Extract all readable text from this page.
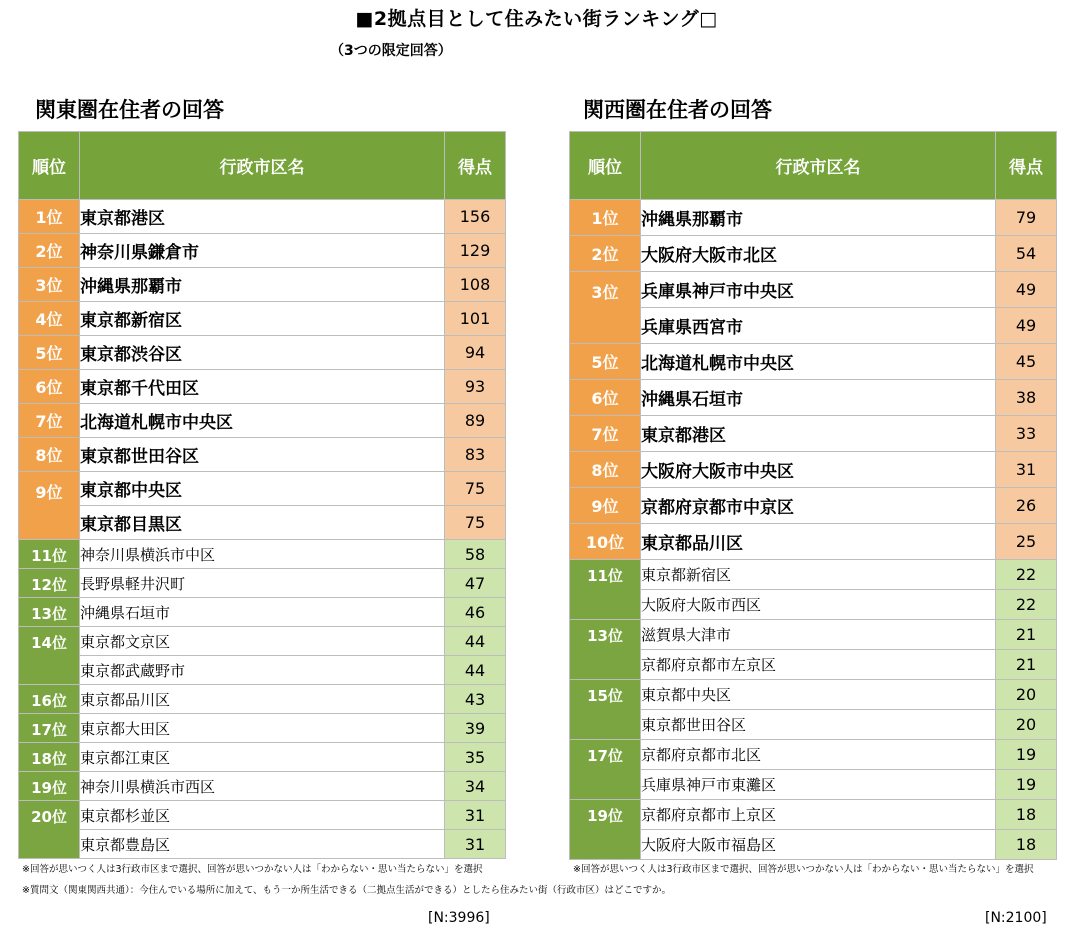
■2拠点目として住みたい街ランキング□
（3つの限定回答）
関東圏在住者の回答	関西圏在住者の回答
順位	行政市区名	得点
1位	東京都港区	156
2位	神奈川県鎌倉市	129
3位	沖縄県那覇市	108
4位	東京都新宿区	101
5位	東京都渋谷区	94
6位	東京都千代田区	93
7位	北海道札幌市中央区	89
8位	東京都世田谷区	83
9位	東京都中央区	75
	東京都目黒区	75
11位	神奈川県横浜市中区	58
12位	長野県軽井沢町	47
13位	沖縄県石垣市	46
14位	東京都文京区	44
	東京都武蔵野市	44
16位	東京都品川区	43
17位	東京都大田区	39
18位	東京都江東区	35
19位	神奈川県横浜市西区	34
20位	東京都杉並区	31
	東京都豊島区	31
順位	行政市区名	得点
1位	沖縄県那覇市	79
2位	大阪府大阪市北区	54
3位	兵庫県神戸市中央区	49
	兵庫県西宮市	49
5位	北海道札幌市中央区	45
6位	沖縄県石垣市	38
7位	東京都港区	33
8位	大阪府大阪市中央区	31
9位	京都府京都市中京区	26
10位	東京都品川区	25
11位	東京都新宿区	22
	大阪府大阪市西区	22
13位	滋賀県大津市	21
	京都府京都市左京区	21
15位	東京都中央区	20
	東京都世田谷区	20
17位	京都府京都市北区	19
	兵庫県神戸市東灘区	19
19位	京都府京都市上京区	18
	大阪府大阪市福島区	18
※回答が思いつく人は3行政市区まで選択、回答が思いつかない人は「わからない・思い当たらない」を選択	※回答が思いつく人は3行政市区まで選択、回答が思いつかない人は「わからない・思い当たらない」を選択
※質問文（関東関西共通）：今住んでいる場所に加えて、もう一か所生活できる（二拠点生活ができる）としたら住みたい街（行政市区）はどこですか。
[N:3996]	[N:2100]
